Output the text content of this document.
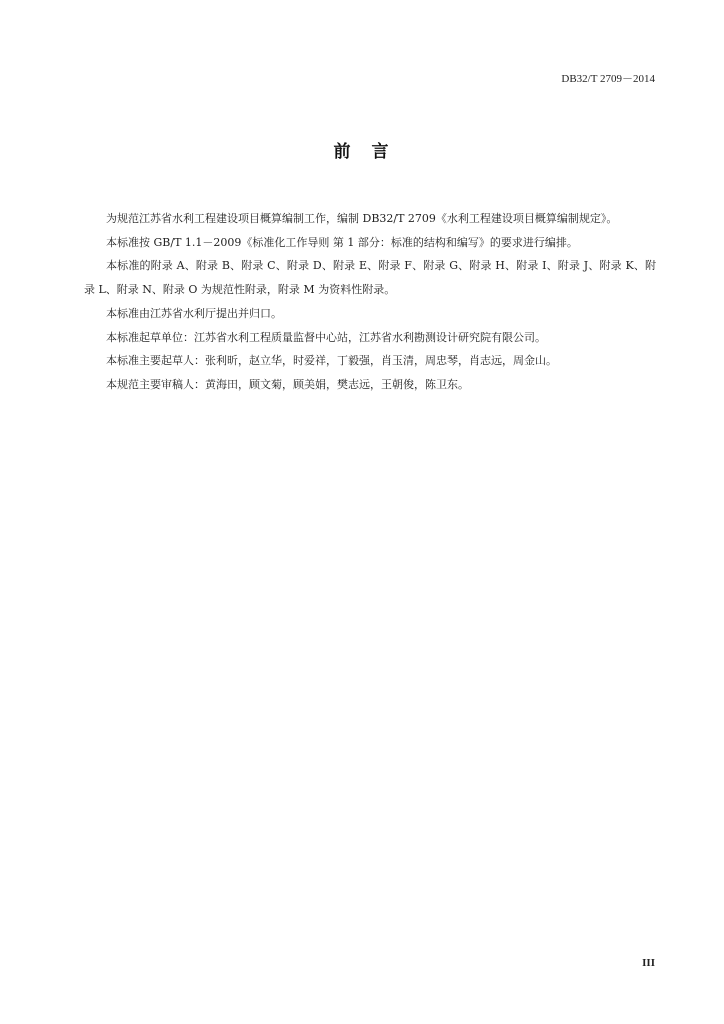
DB32/T 2709－2014
前　言

为规范江苏省水利工程建设项目概算编制工作，编制 DB32/T 2709《水利工程建设项目概算编制规定》。

本标准按 GB/T 1.1－2009《标准化工作导则 第 1 部分：标准的结构和编写》的要求进行编排。

本标准的附录 A、附录 B、附录 C、附录 D、附录 E、附录 F、附录 G、附录 H、附录 I、附录 J、附录 K、附录 L、附录 N、附录 O 为规范性附录，附录 M 为资料性附录。

本标准由江苏省水利厅提出并归口。

本标准起草单位：江苏省水利工程质量监督中心站，江苏省水利勘测设计研究院有限公司。

本标准主要起草人：张利昕，赵立华，时爱祥，丁毅强，肖玉清，周忠琴，肖志远，周金山。

本规范主要审稿人：黄海田，顾文菊，顾美娟，樊志远，王朝俊，陈卫东。

III
